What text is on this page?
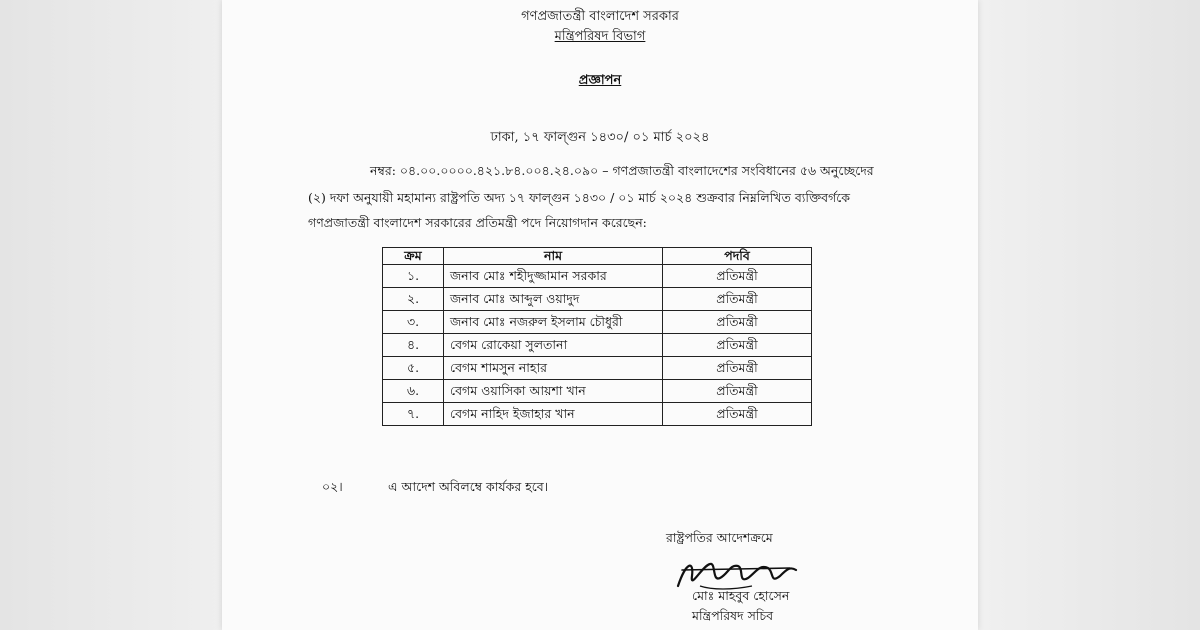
গণপ্রজাতন্ত্রী বাংলাদেশ সরকার
মন্ত্রিপরিষদ বিভাগ
প্রজ্ঞাপন
ঢাকা, ১৭ ফাল্গুন ১৪৩০/ ০১ মার্চ ২০২৪
নম্বর: ০৪.০০.০০০০.৪২১.৮৪.০০৪.২৪.০৯০ – গণপ্রজাতন্ত্রী বাংলাদেশের সংবিধানের ৫৬ অনুচ্ছেদের
(২) দফা অনুযায়ী মহামান্য রাষ্ট্রপতি অদ্য ১৭ ফাল্গুন ১৪৩০ / ০১ মার্চ ২০২৪ শুক্রবার নিম্নলিখিত ব্যক্তিবর্গকে
গণপ্রজাতন্ত্রী বাংলাদেশ সরকারের প্রতিমন্ত্রী পদে নিয়োগদান করেছেন:
ক্রম	নাম	পদবি
১.	জনাব মোঃ শহীদুজ্জামান সরকার	প্রতিমন্ত্রী
২.	জনাব মোঃ আব্দুল ওয়াদুদ	প্রতিমন্ত্রী
৩.	জনাব মোঃ নজরুল ইসলাম চৌধুরী	প্রতিমন্ত্রী
৪.	বেগম রোকেয়া সুলতানা	প্রতিমন্ত্রী
৫.	বেগম শামসুন নাহার	প্রতিমন্ত্রী
৬.	বেগম ওয়াসিকা আয়শা খান	প্রতিমন্ত্রী
৭.	বেগম নাহিদ ইজাহার খান	প্রতিমন্ত্রী
০২।	এ আদেশ অবিলম্বে কার্যকর হবে।
রাষ্ট্রপতির আদেশক্রমে
মোঃ মাহবুব হোসেন
মন্ত্রিপরিষদ সচিব
